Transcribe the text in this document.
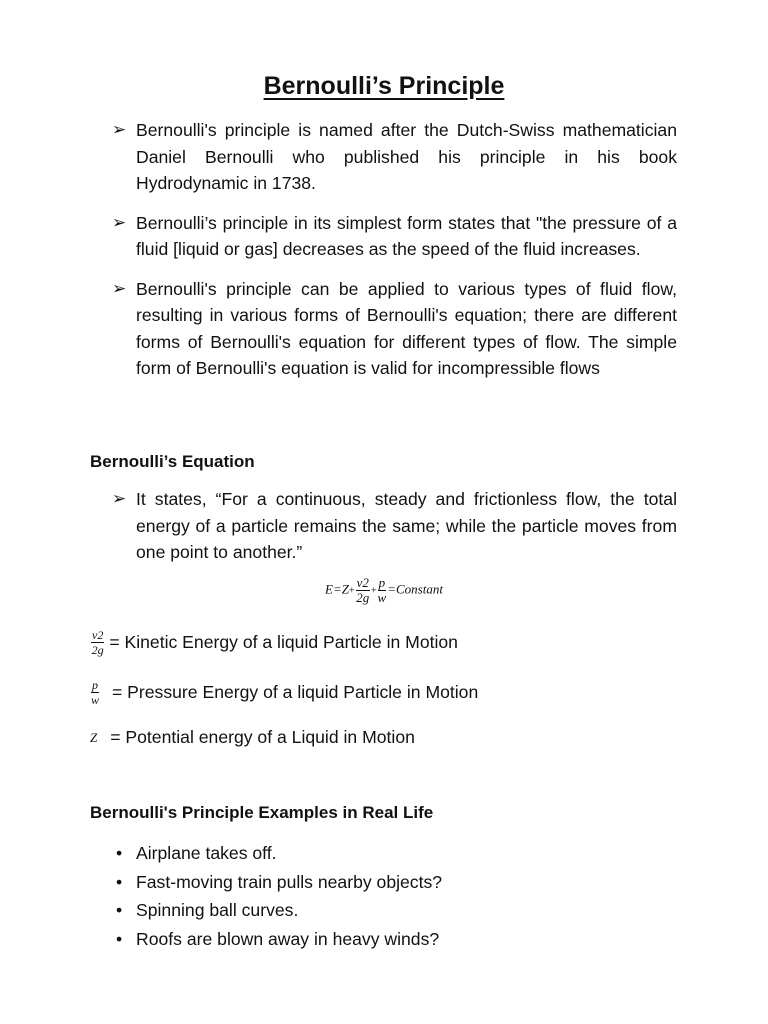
Bernoulli’s Principle
➢ Bernoulli's principle is named after the Dutch-Swiss mathematician Daniel Bernoulli who published his principle in his book Hydrodynamic in 1738.
➢ Bernoulli’s principle in its simplest form states that "the pressure of a fluid [liquid or gas] decreases as the speed of the fluid increases.
➢ Bernoulli's principle can be applied to various types of fluid flow, resulting in various forms of Bernoulli's equation; there are different forms of Bernoulli's equation for different types of flow. The simple form of Bernoulli's equation is valid for incompressible flows
Bernoulli’s Equation
➢ It states, “For a continuous, steady and frictionless flow, the total energy of a particle remains the same; while the particle moves from one point to another.”
$E=Z+ \frac{v2}{2g} + \frac{p}{w}$ =Constant
$\frac{v2}{2g}$ = Kinetic Energy of a liquid Particle in Motion
$\frac{p}{w}$ = Pressure Energy of a liquid Particle in Motion
Z = Potential energy of a Liquid in Motion
Bernoulli's Principle Examples in Real Life
• Airplane takes off.
• Fast-moving train pulls nearby objects?
• Spinning ball curves.
• Roofs are blown away in heavy winds?
